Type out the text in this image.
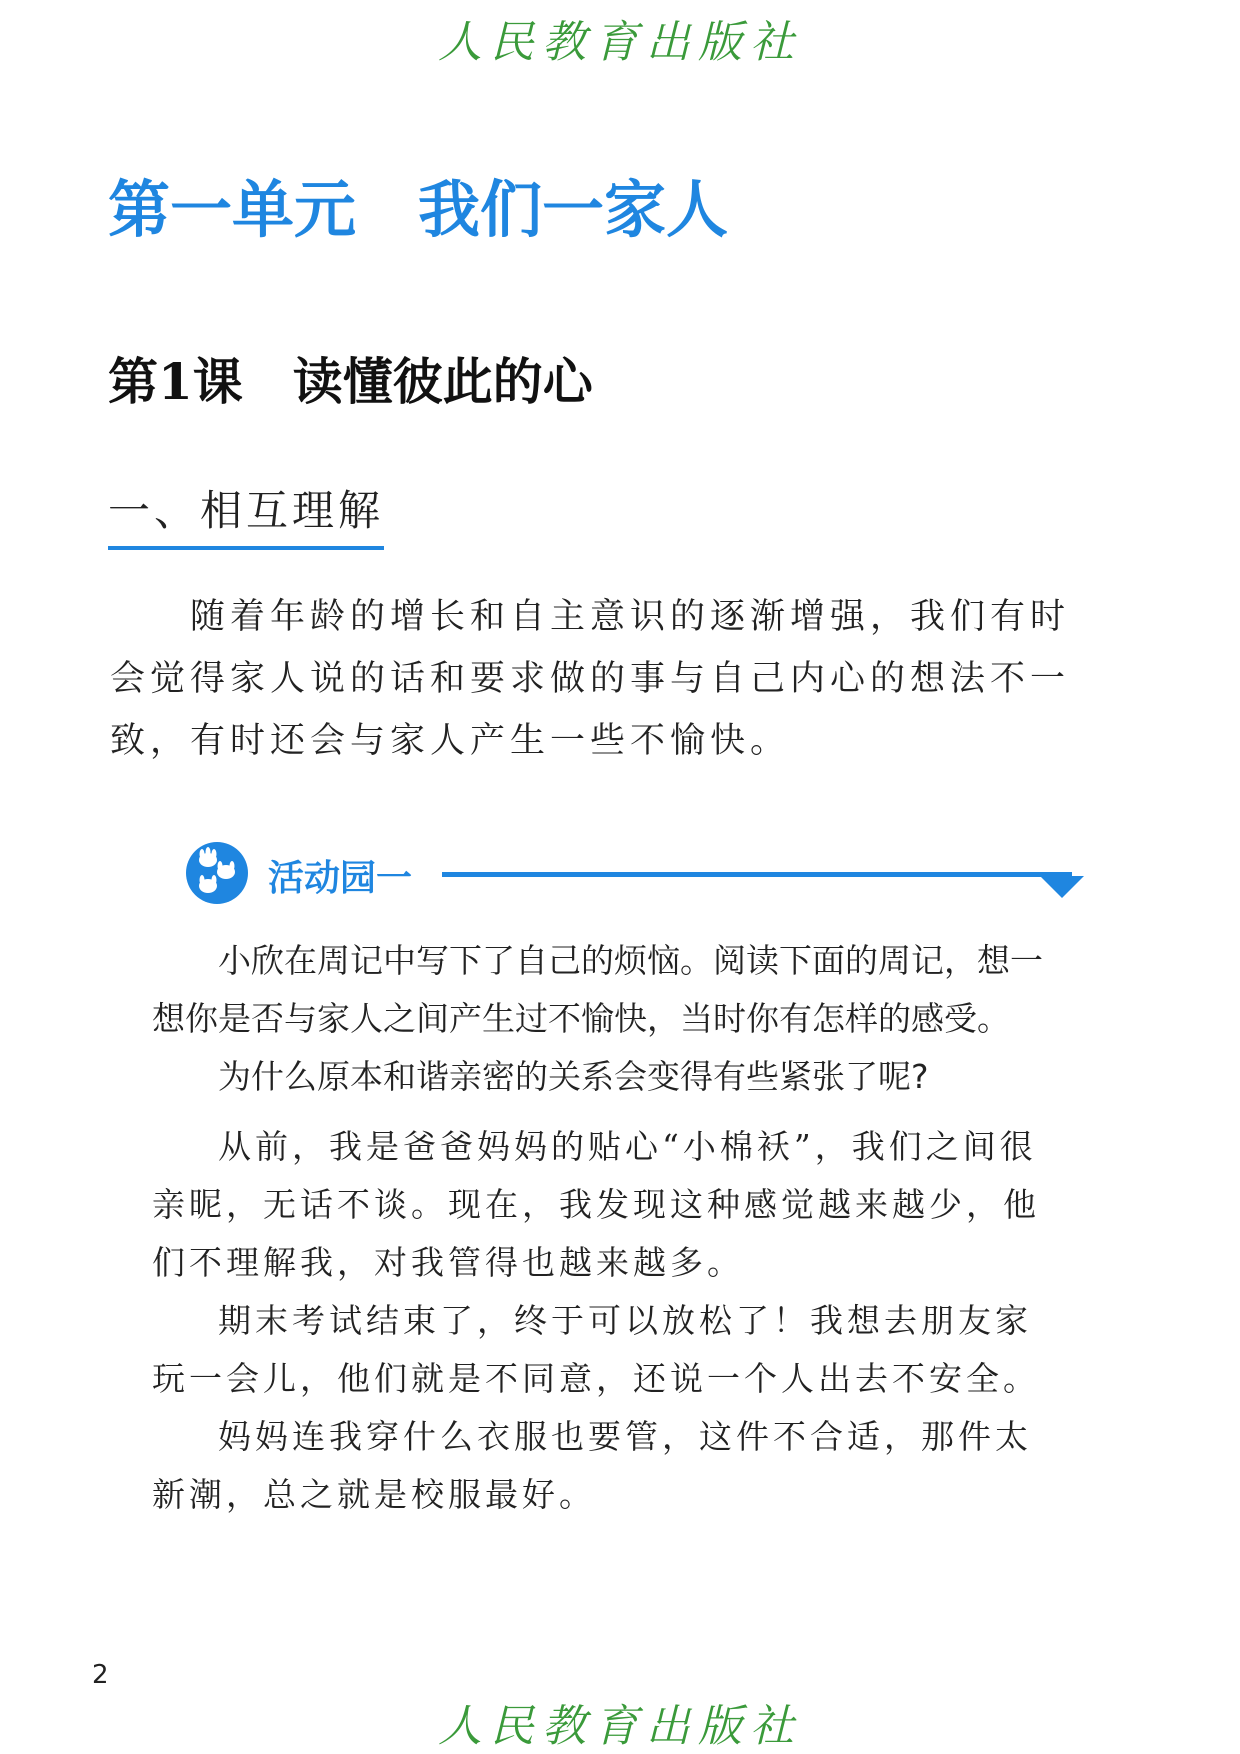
人民教育出版社
第一单元　我们一家人
第1课　读懂彼此的心
一、相互理解

随着年龄的增长和自主意识的逐渐增强，我们有时会觉得家人说的话和要求做的事与自己内心的想法不一致，有时还会与家人产生一些不愉快。

活动园一

小欣在周记中写下了自己的烦恼。阅读下面的周记，想一想你是否与家人之间产生过不愉快，当时你有怎样的感受。

为什么原本和谐亲密的关系会变得有些紧张了呢?

从前，我是爸爸妈妈的贴心“小棉袄”，我们之间很亲昵，无话不谈。现在，我发现这种感觉越来越少，他们不理解我，对我管得也越来越多。

期末考试结束了，终于可以放松了！我想去朋友家玩一会儿，他们就是不同意，还说一个人出去不安全。

妈妈连我穿什么衣服也要管，这件不合适，那件太新潮，总之就是校服最好。

2
人民教育出版社
